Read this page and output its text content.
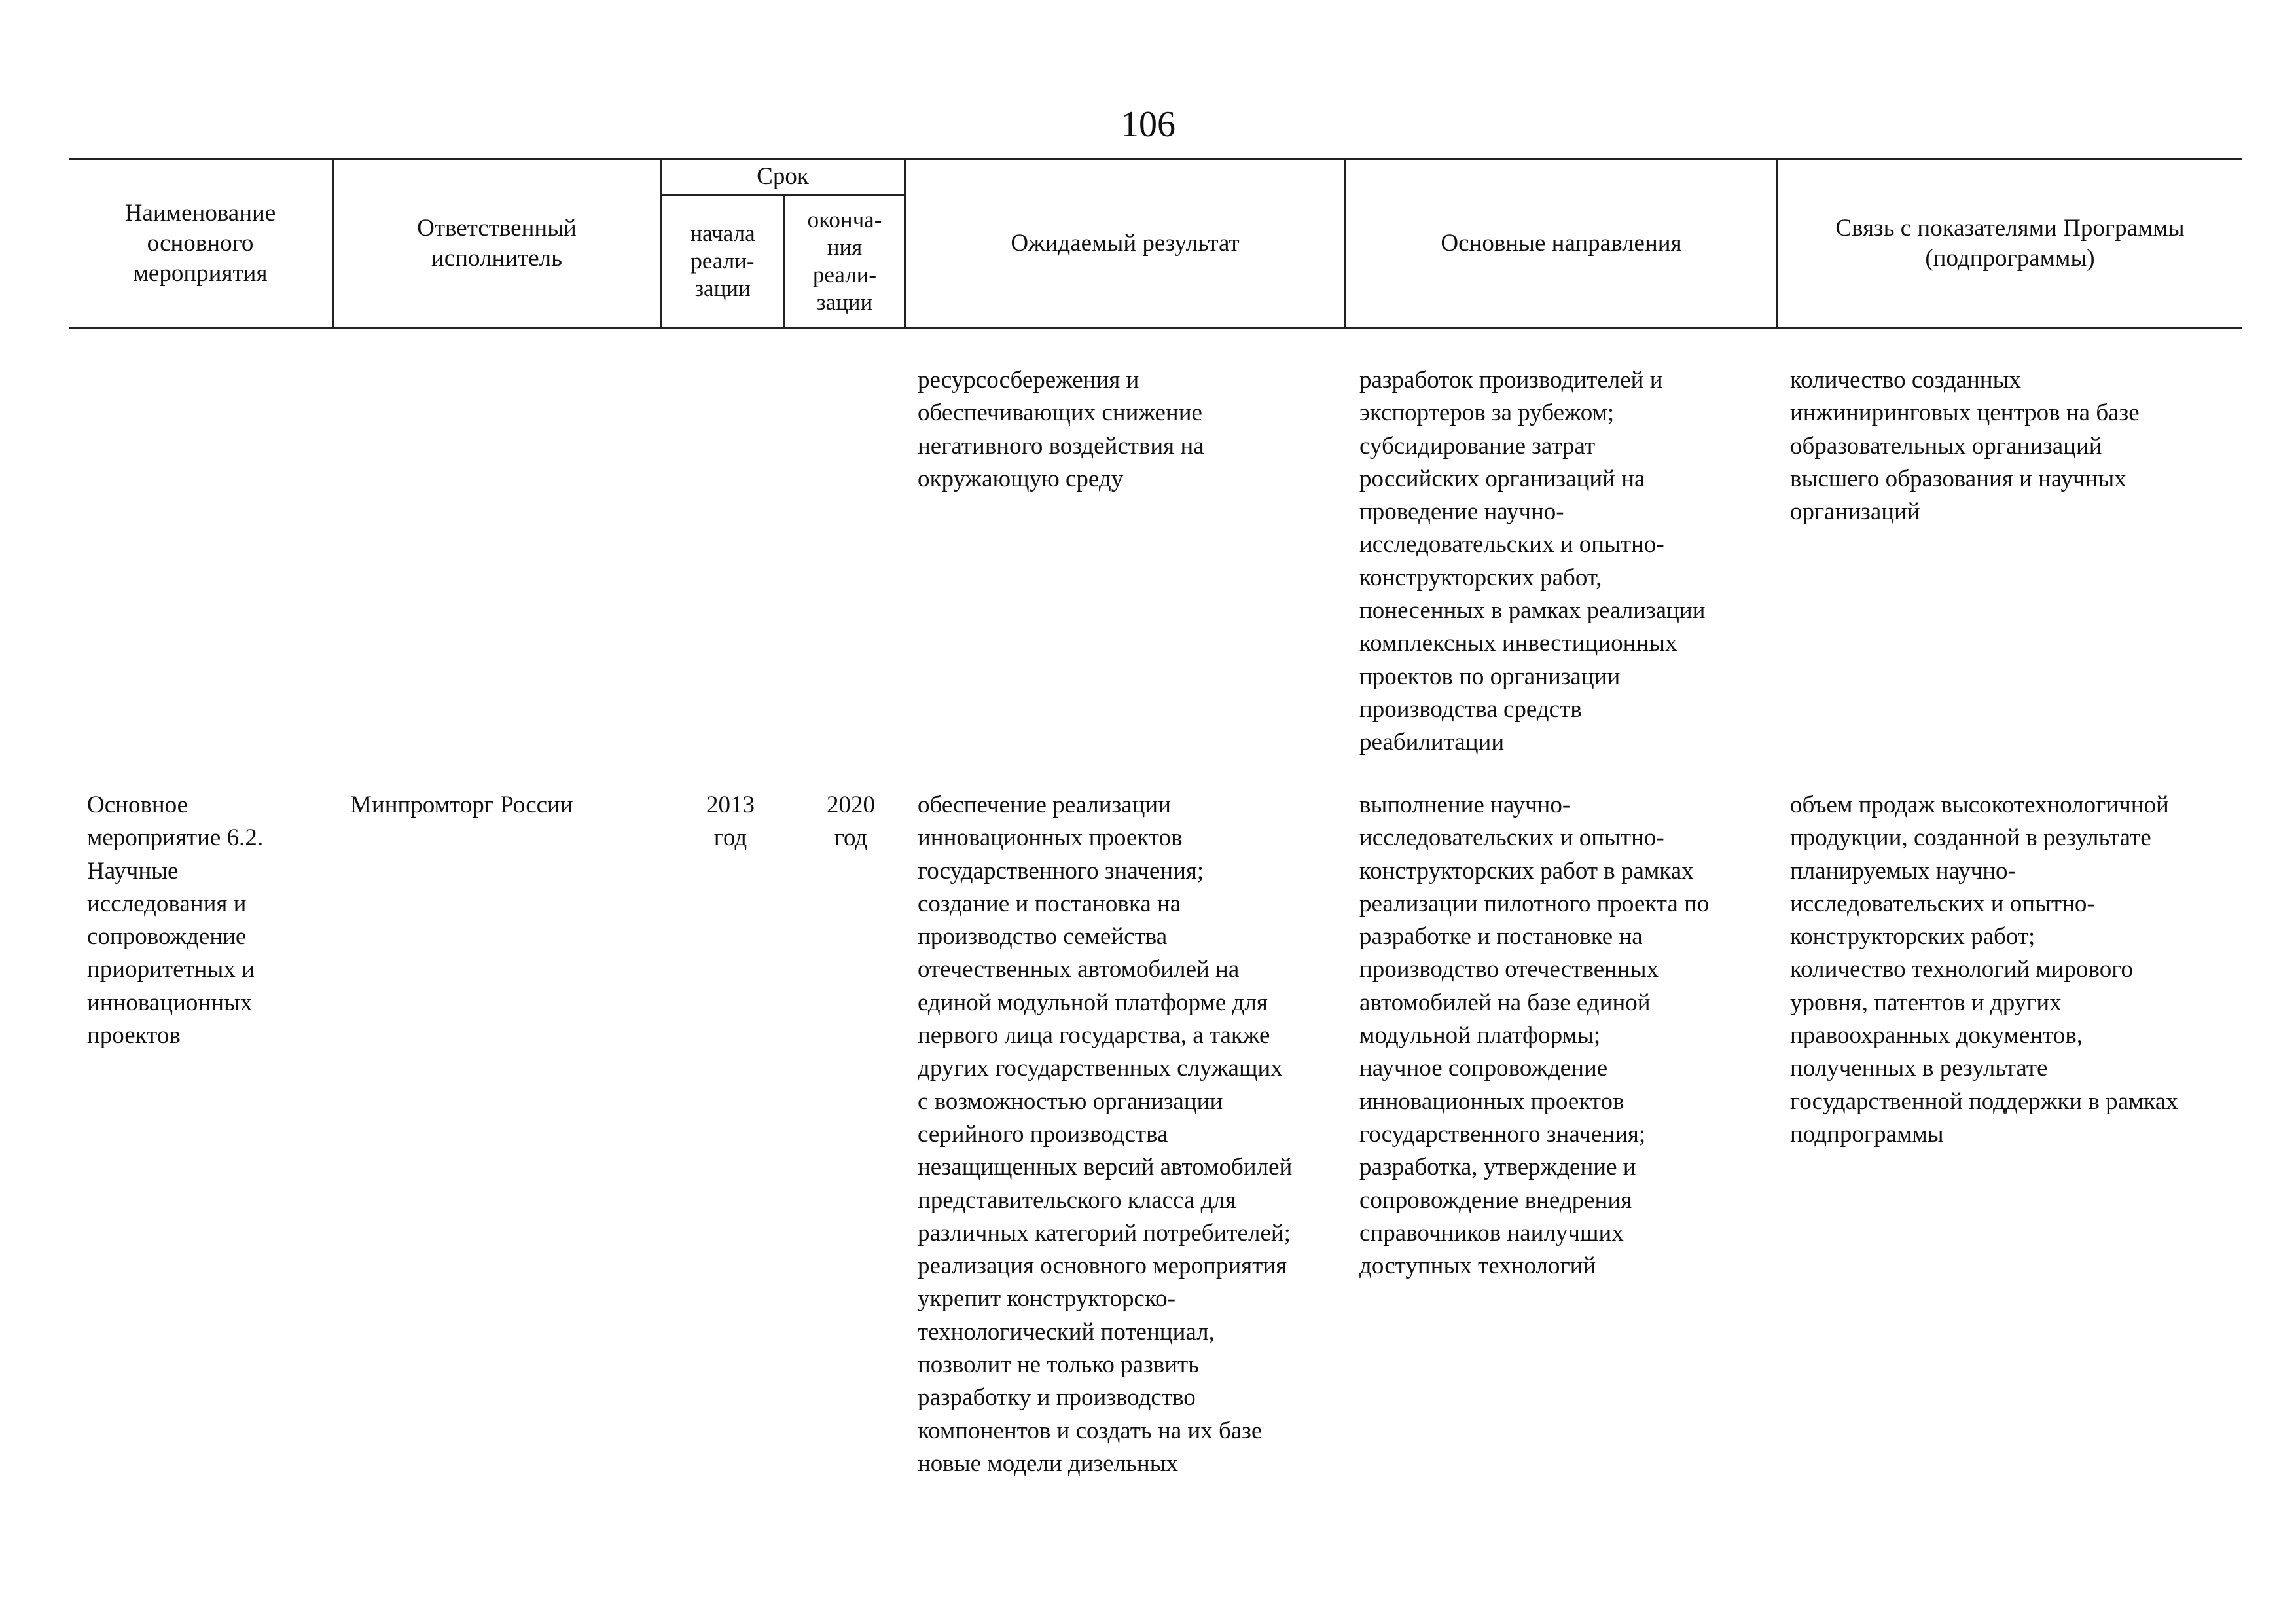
106
Наименование
основного
мероприятия
Ответственный
исполнитель
Срок
начала
реали-
зации
оконча-
ния
реали-
зации
Ожидаемый результат	Основные направления
Связь с показателями Программы
(подпрограммы)
ресурсосбережения и
обеспечивающих снижение
негативного воздействия на
окружающую среду
разработок производителей и
экспортеров за рубежом;
субсидирование затрат
российских организаций на
проведение научно-
исследовательских и опытно-
конструкторских работ,
понесенных в рамках реализации
комплексных инвестиционных
проектов по организации
производства средств
реабилитации
количество созданных
инжиниринговых центров на базе
образовательных организаций
высшего образования и научных
организаций
Основное
мероприятие 6.2.
Научные
исследования и
сопровождение
приоритетных и
инновационных
проектов
Минпромторг России	2013
год
2020
год
обеспечение реализации
инновационных проектов
государственного значения;
создание и постановка на
производство семейства
отечественных автомобилей на
единой модульной платформе для
первого лица государства, а также
других государственных служащих
с возможностью организации
серийного производства
незащищенных версий автомобилей
представительского класса для
различных категорий потребителей;
реализация основного мероприятия
укрепит конструкторско-
технологический потенциал,
позволит не только развить
разработку и производство
компонентов и создать на их базе
новые модели дизельных
выполнение научно-
исследовательских и опытно-
конструкторских работ в рамках
реализации пилотного проекта по
разработке и постановке на
производство отечественных
автомобилей на базе единой
модульной платформы;
научное сопровождение
инновационных проектов
государственного значения;
разработка, утверждение и
сопровождение внедрения
справочников наилучших
доступных технологий
объем продаж высокотехнологичной
продукции, созданной в результате
планируемых научно-
исследовательских и опытно-
конструкторских работ;
количество технологий мирового
уровня, патентов и других
правоохранных документов,
полученных в результате
государственной поддержки в рамках
подпрограммы
